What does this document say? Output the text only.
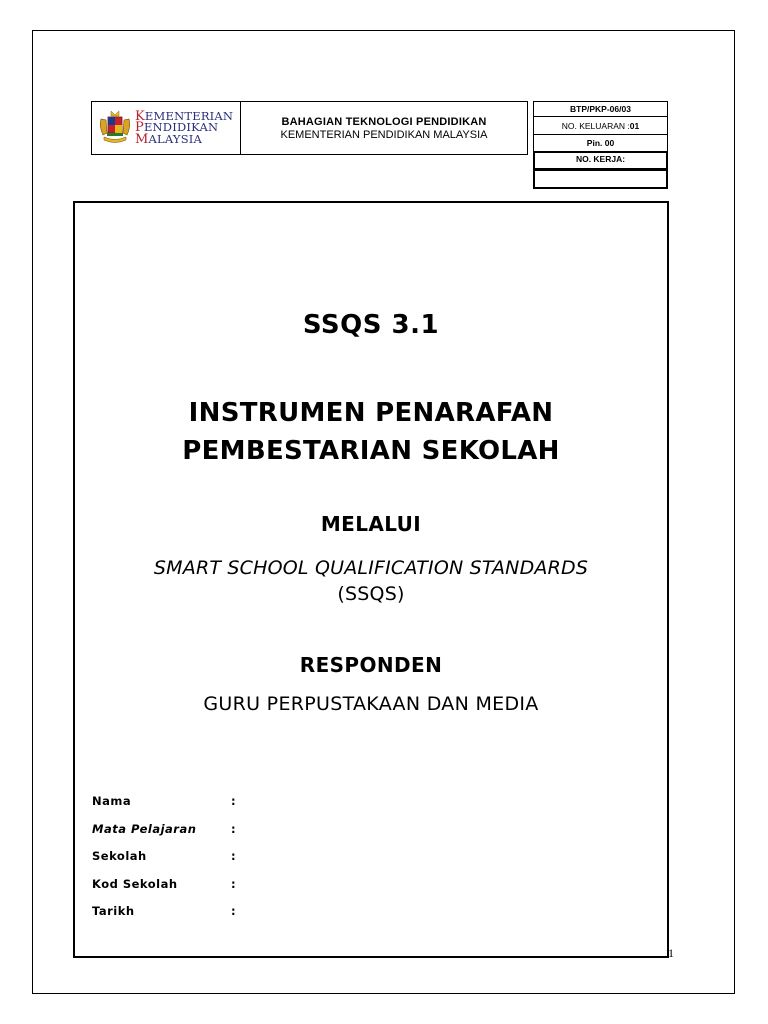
KEMENTERIAN
PENDIDIKAN
MALAYSIA
BAHAGIAN TEKNOLOGI PENDIDIKAN
KEMENTERIAN PENDIDIKAN MALAYSIA
BTP/PKP-06/03
NO. KELUARAN : 01
Pin. 00
NO. KERJA:
SSQS 3.1
INSTRUMEN PENARAFAN
PEMBESTARIAN SEKOLAH
MELALUI
SMART SCHOOL QUALIFICATION STANDARDS
(SSQS)
RESPONDEN
GURU PERPUSTAKAAN DAN MEDIA
Nama	:
Mata Pelajaran	:
Sekolah	:
Kod Sekolah	:
Tarikh	:
1
